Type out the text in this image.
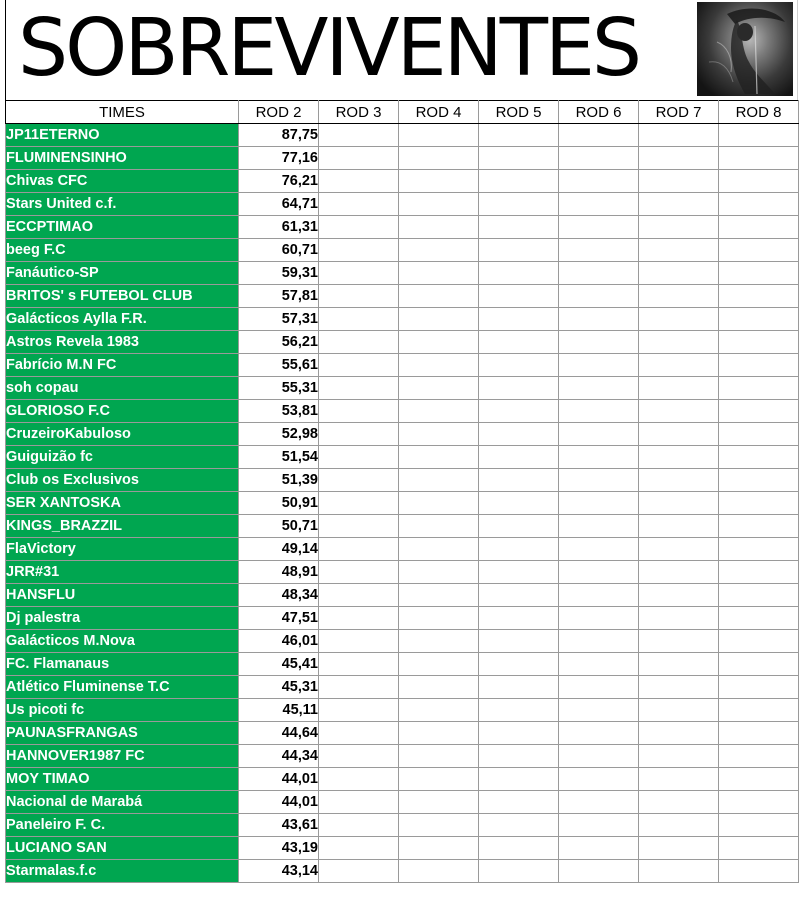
SOBREVIVENTES
TIMES	ROD 2	ROD 3	ROD 4	ROD 5	ROD 6	ROD 7	ROD 8
JP11ETERNO	87,75						
FLUMINENSINHO	77,16						
Chivas CFC	76,21						
Stars United c.f.	64,71						
ECCPTIMAO	61,31						
beeg F.C	60,71						
Fanáutico-SP	59,31						
BRITOS' s FUTEBOL CLUB	57,81						
Galácticos Aylla F.R.	57,31						
Astros Revela 1983	56,21						
Fabrício M.N FC	55,61						
soh copau	55,31						
GLORIOSO F.C	53,81						
CruzeiroKabuloso	52,98						
Guiguizão fc	51,54						
Club os Exclusivos	51,39						
SER XANTOSKA	50,91						
KINGS_BRAZZIL	50,71						
FlaVictory	49,14						
JRR#31	48,91						
HANSFLU	48,34						
Dj palestra	47,51						
Galácticos M.Nova	46,01						
FC. Flamanaus	45,41						
Atlético Fluminense T.C	45,31						
Us picoti fc	45,11						
PAUNASFRANGAS	44,64						
HANNOVER1987 FC	44,34						
MOY TIMAO	44,01						
Nacional de Marabá	44,01						
Paneleiro F. C.	43,61						
LUCIANO SAN	43,19						
Starmalas.f.c	43,14						
